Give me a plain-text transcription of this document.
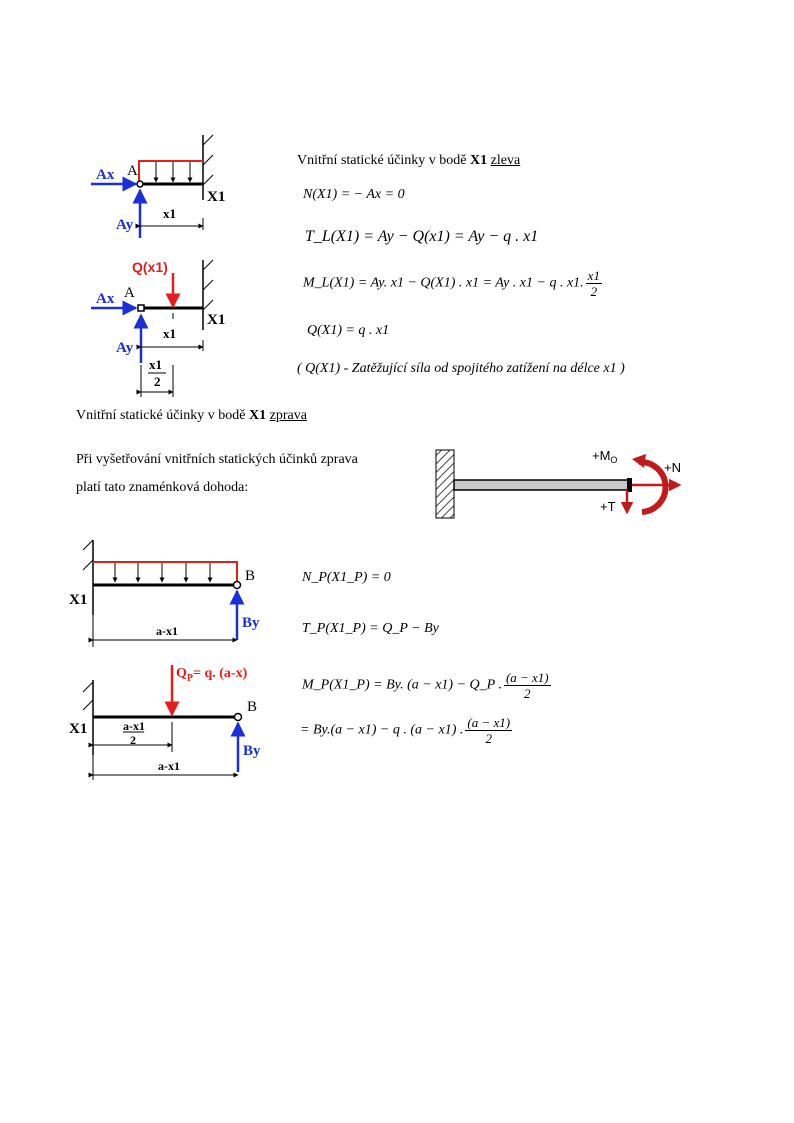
Ax
Ay
A
X1
x1
Q(x1)
Ax
Ay
A
X1
x1
x1
2
Vnitřní statické účinky v bodě X1 zleva
N(X1) = − Ax = 0
T_L(X1) = Ay − Q(x1) = Ay − q . x1
M_L(X1) = Ay. x1 − Q(X1) . x1 = Ay . x1 − q . x1. $\frac{x1}{2}$
Q(X1) = q . x1
( Q(X1) - Zatěžující síla od spojitého zatížení na délce x1 )
Vnitřní statické účinky v bodě X1 zprava
Při vyšetřování vnitřních statických účinků zprava
platí tato znaménková dohoda:
$+M_O$	+N
+T
X1
B
By
a-x1
$Q_P= q$. (a-x)
X1
B
By
a-x1
2
a-x1
N_P(X1_P) = 0
T_P(X1_P) = Q_P − By
M_P(X1_P) = By. (a − x1) − Q_P . $\frac{(a - x1)}{2}$
= By.(a − x1) − q . (a − x1) . $\frac{(a - x1)}{2}$
